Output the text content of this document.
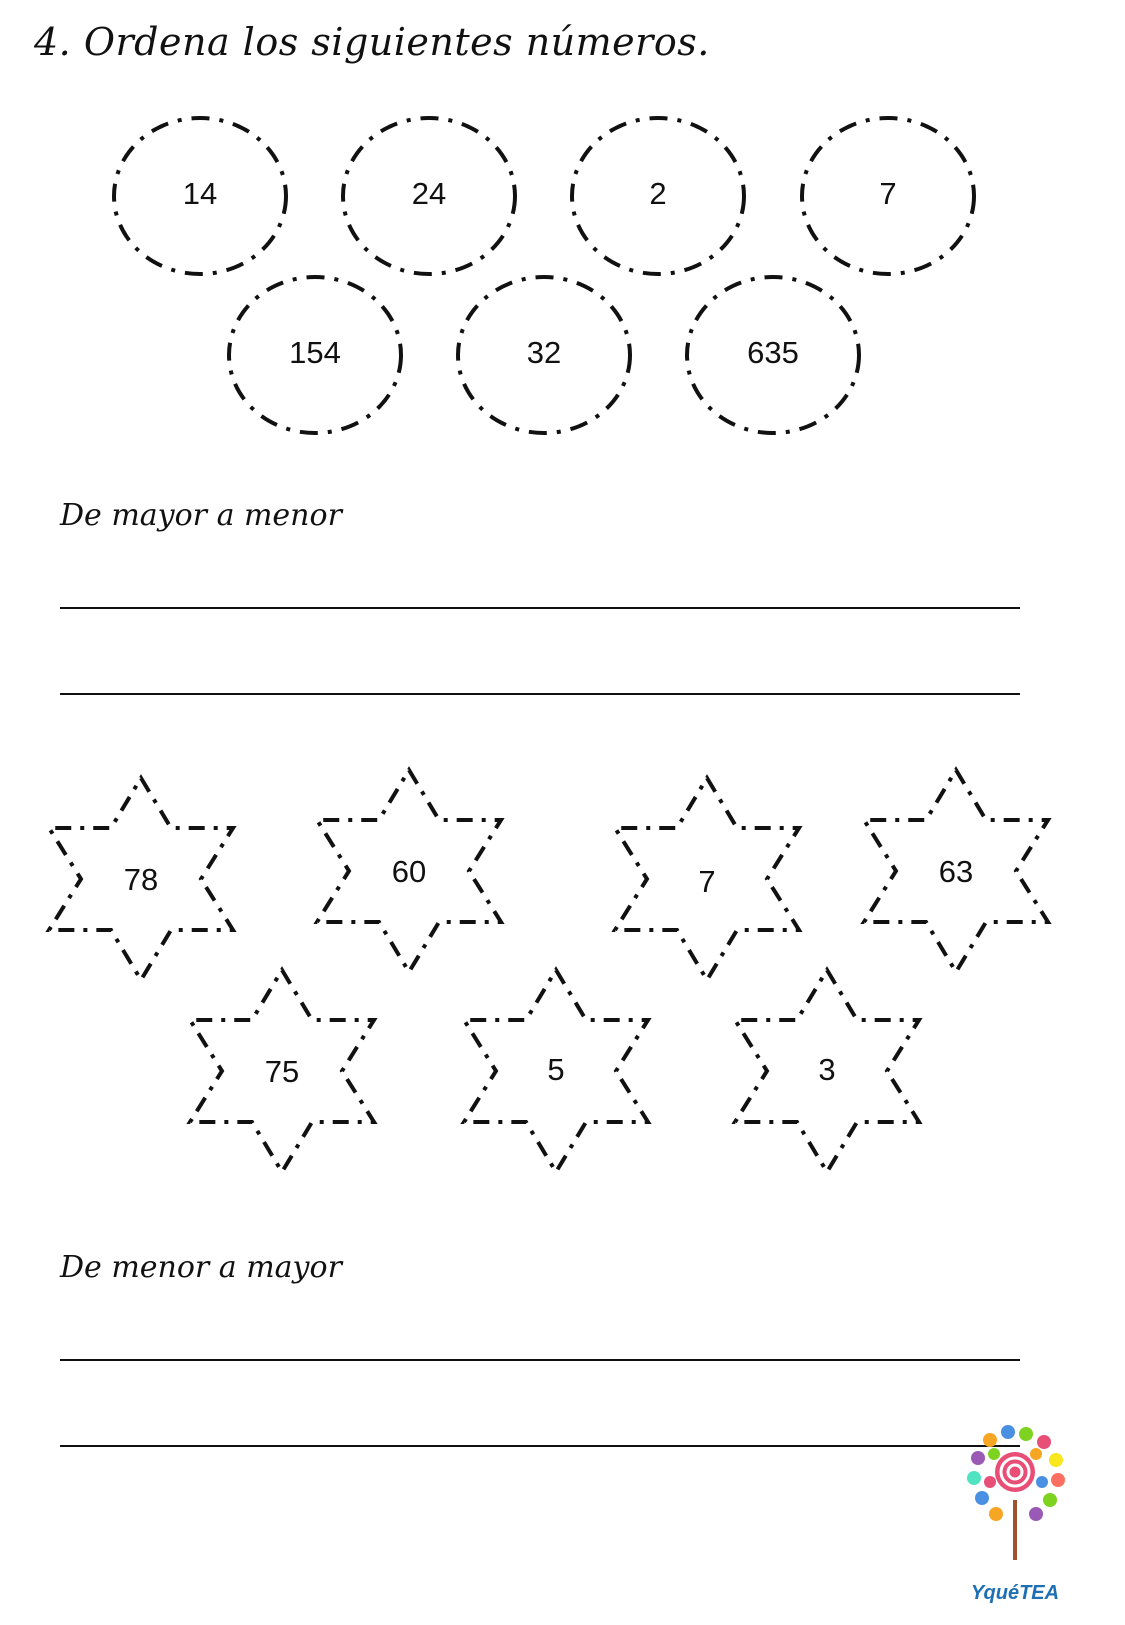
4. Ordena los siguientes números.
14	24	2	7
154	32	635
De mayor a menor
78	60	7	63
75	5	3
De menor a mayor
YquéTEA
